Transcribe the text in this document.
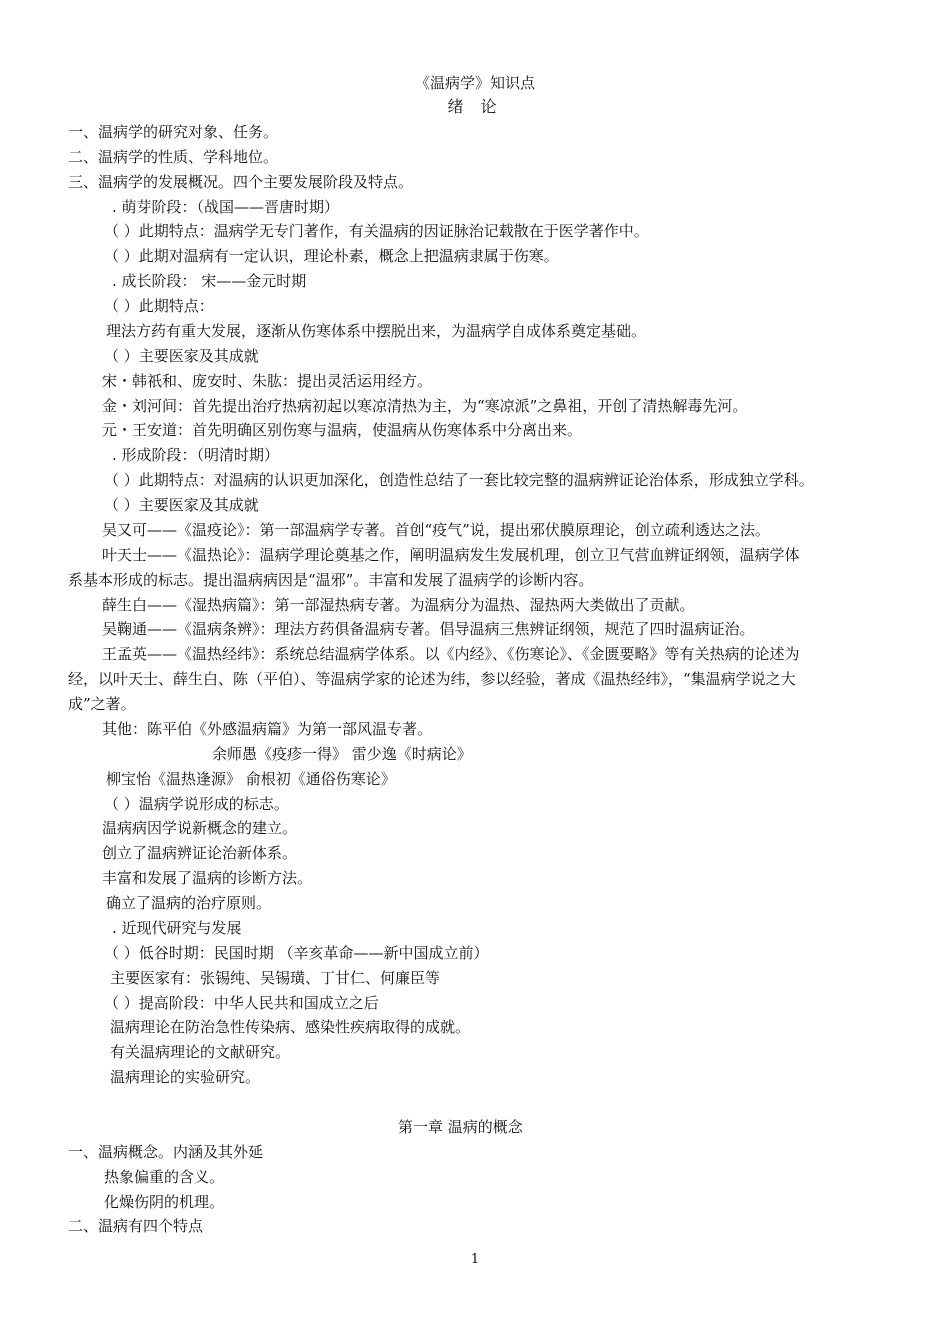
《温病学》知识点
绪 论
一、温病学的研究对象、任务。
二、温病学的性质、学科地位。
三、温病学的发展概况。四个主要发展阶段及特点。
. 萌芽阶段：（战国——晋唐时期）
（ ）此期特点：温病学无专门著作，有关温病的因证脉治记载散在于医学著作中。
（ ）此期对温病有一定认识，理论朴素，概念上把温病隶属于伤寒。
. 成长阶段： 宋——金元时期
（ ）此期特点：
理法方药有重大发展，逐渐从伤寒体系中摆脱出来，为温病学自成体系奠定基础。
（ ）主要医家及其成就
宋・韩祇和、庞安时、朱肱：提出灵活运用经方。
金・刘河间：首先提出治疗热病初起以寒凉清热为主，为“寒凉派”之鼻祖，开创了清热解毒先河。
元・王安道：首先明确区别伤寒与温病，使温病从伤寒体系中分离出来。
. 形成阶段：（明清时期）
（ ）此期特点：对温病的认识更加深化，创造性总结了一套比较完整的温病辨证论治体系，形成独立学科。
（ ）主要医家及其成就
吴又可——《温疫论》：第一部温病学专著。首创“疫气”说，提出邪伏膜原理论，创立疏利透达之法。
叶天士——《温热论》：温病学理论奠基之作，阐明温病发生发展机理，创立卫气营血辨证纲领，温病学体
系基本形成的标志。提出温病病因是“温邪”。丰富和发展了温病学的诊断内容。
薛生白——《湿热病篇》：第一部湿热病专著。为温病分为温热、湿热两大类做出了贡献。
吴鞠通——《温病条辨》：理法方药俱备温病专著。倡导温病三焦辨证纲领，规范了四时温病证治。
王孟英——《温热经纬》：系统总结温病学体系。以《内经》、《伤寒论》、《金匮要略》等有关热病的论述为
经，以叶天士、薛生白、陈（平伯）、等温病学家的论述为纬，参以经验，著成《温热经纬》，“集温病学说之大
成”之著。
其他：陈平伯《外感温病篇》为第一部风温专著。
余师愚《疫疹一得》 雷少逸《时病论》
柳宝怡《温热逢源》 俞根初《通俗伤寒论》
（ ）温病学说形成的标志。
温病病因学说新概念的建立。
创立了温病辨证论治新体系。
丰富和发展了温病的诊断方法。
确立了温病的治疗原则。
. 近现代研究与发展
（ ）低谷时期：民国时期 （辛亥革命——新中国成立前）
主要医家有：张锡纯、吴锡璜、丁甘仁、何廉臣等
（ ）提高阶段：中华人民共和国成立之后
温病理论在防治急性传染病、感染性疾病取得的成就。
有关温病理论的文献研究。
温病理论的实验研究。
第一章 温病的概念
一、温病概念。内涵及其外延
热象偏重的含义。
化燥伤阴的机理。
二、温病有四个特点
1
